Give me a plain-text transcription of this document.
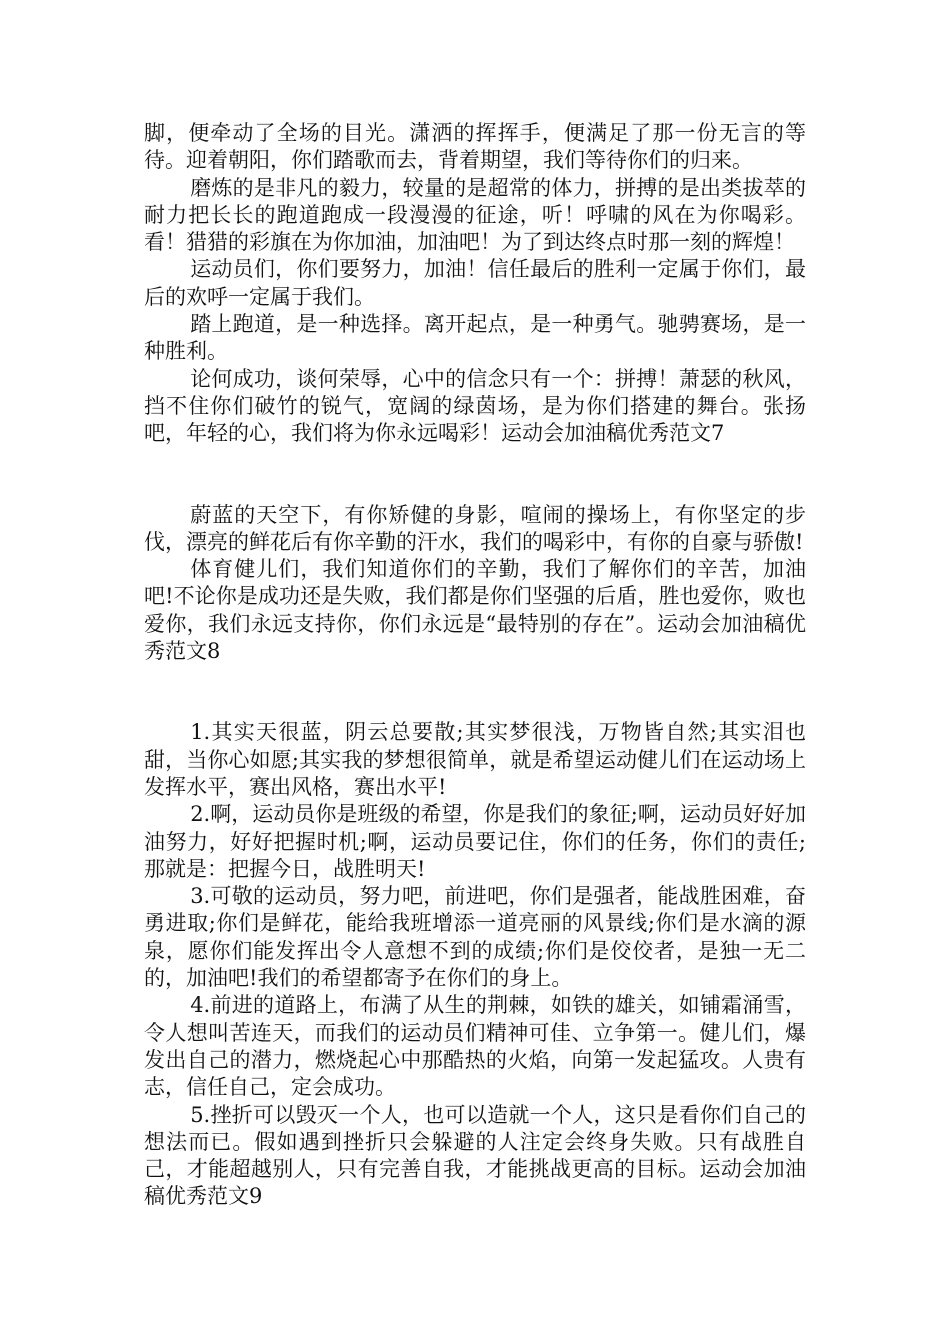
脚，便牵动了全场的目光。潇洒的挥挥手，便满足了那一份无言的等待。迎着朝阳，你们踏歌而去，背着期望，我们等待你们的归来。

磨炼的是非凡的毅力，较量的是超常的体力，拼搏的是出类拔萃的耐力把长长的跑道跑成一段漫漫的征途，听！呼啸的风在为你喝彩。看！猎猎的彩旗在为你加油，加油吧！为了到达终点时那一刻的辉煌！

运动员们，你们要努力，加油！信任最后的胜利一定属于你们，最后的欢呼一定属于我们。

踏上跑道，是一种选择。离开起点，是一种勇气。驰骋赛场，是一种胜利。

论何成功，谈何荣辱，心中的信念只有一个：拼搏！萧瑟的秋风，挡不住你们破竹的锐气，宽阔的绿茵场，是为你们搭建的舞台。张扬吧，年轻的心，我们将为你永远喝彩！运动会加油稿优秀范文7

蔚蓝的天空下，有你矫健的身影，喧闹的操场上，有你坚定的步伐，漂亮的鲜花后有你辛勤的汗水，我们的喝彩中，有你的自豪与骄傲!

体育健儿们，我们知道你们的辛勤，我们了解你们的辛苦，加油吧!不论你是成功还是失败，我们都是你们坚强的后盾，胜也爱你，败也爱你，我们永远支持你，你们永远是“最特别的存在”。运动会加油稿优秀范文8

1.其实天很蓝，阴云总要散;其实梦很浅，万物皆自然;其实泪也甜，当你心如愿;其实我的梦想很简单，就是希望运动健儿们在运动场上发挥水平，赛出风格，赛出水平!

2.啊，运动员你是班级的希望，你是我们的象征;啊，运动员好好加油努力，好好把握时机;啊，运动员要记住，你们的任务，你们的责任;那就是：把握今日，战胜明天!

3.可敬的运动员，努力吧，前进吧，你们是强者，能战胜困难，奋勇进取;你们是鲜花，能给我班增添一道亮丽的风景线;你们是水滴的源泉，愿你们能发挥出令人意想不到的成绩;你们是佼佼者，是独一无二的，加油吧!我们的希望都寄予在你们的身上。

4.前进的道路上，布满了从生的荆棘，如铁的雄关，如铺霜涌雪，令人想叫苦连天，而我们的运动员们精神可佳、立争第一。健儿们，爆发出自己的潜力，燃烧起心中那酷热的火焰，向第一发起猛攻。人贵有志，信任自己，定会成功。

5.挫折可以毁灭一个人，也可以造就一个人，这只是看你们自己的想法而已。假如遇到挫折只会躲避的人注定会终身失败。只有战胜自己，才能超越别人，只有完善自我，才能挑战更高的目标。运动会加油稿优秀范文9
